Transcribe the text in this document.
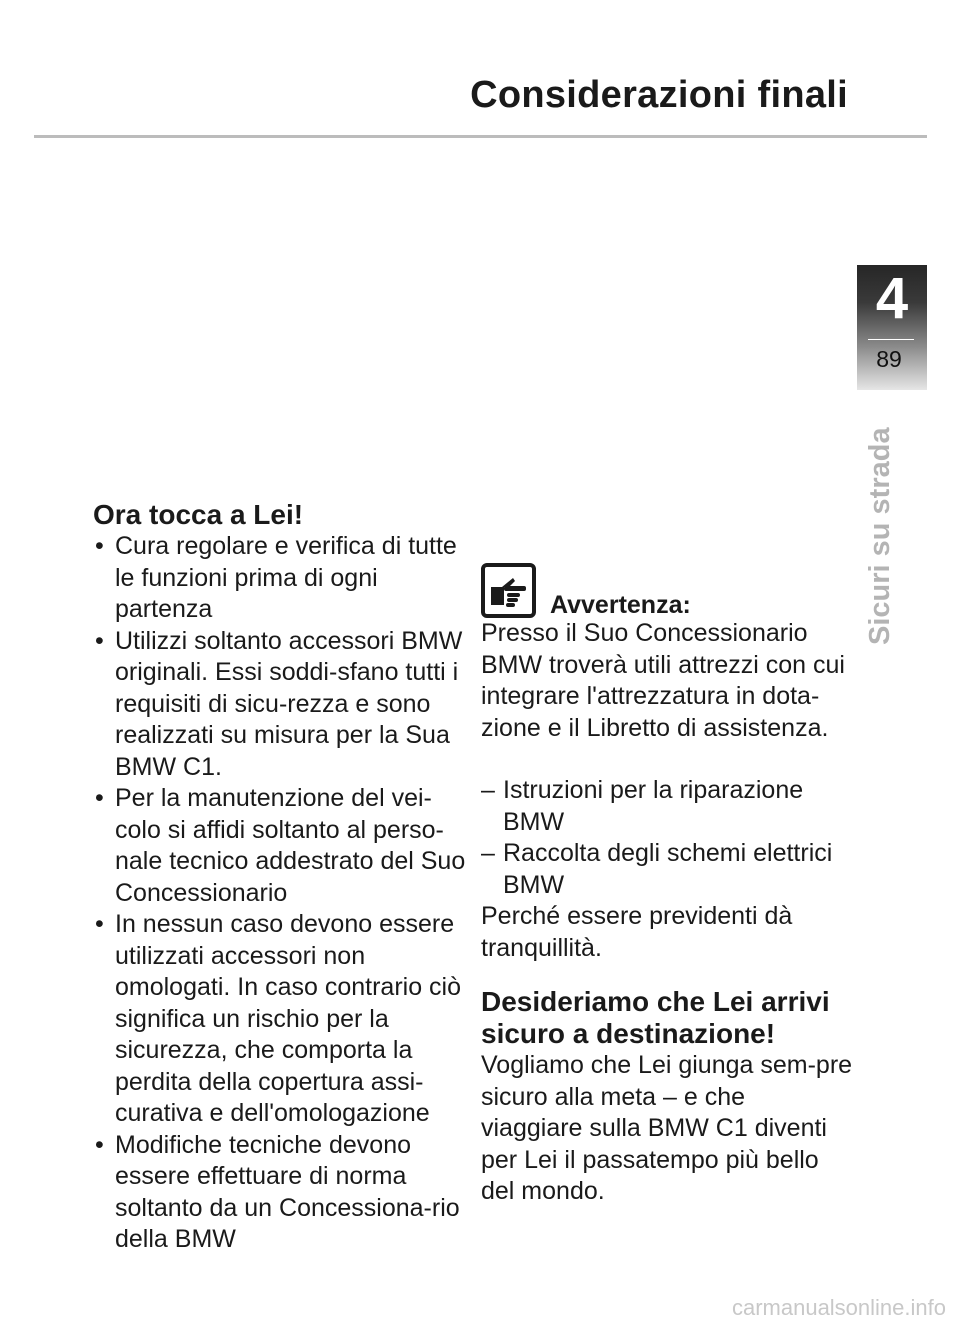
Considerazioni finali
4
89
Sicuri su strada
Ora tocca a Lei!
• Cura regolare e verifica di tutte le funzioni prima di ogni partenza
• Utilizzi soltanto accessori BMW originali. Essi soddi-sfano tutti i requisiti di sicu-rezza e sono realizzati su misura per la Sua BMW C1.
• Per la manutenzione del vei-colo si affidi soltanto al perso-nale tecnico addestrato del Suo Concessionario
• In nessun caso devono essere utilizzati accessori non omologati. In caso contrario ciò significa un rischio per la sicurezza, che comporta la perdita della copertura assi-curativa e dell'omologazione
• Modifiche tecniche devono essere effettuare di norma soltanto da un Concessiona-rio della BMW
Avvertenza:

Presso il Suo Concessionario BMW troverà utili attrezzi con cui integrare l'attrezzatura in dota-zione e il Libretto di assistenza.

– Istruzioni per la riparazione BMW
– Raccolta degli schemi elettrici BMW

Perché essere previdenti dà tranquillità.

Desideriamo che Lei arrivi sicuro a destinazione!

Vogliamo che Lei giunga sem-pre sicuro alla meta – e che viaggiare sulla BMW C1 diventi per Lei il passatempo più bello del mondo.

carmanualsonline.info
